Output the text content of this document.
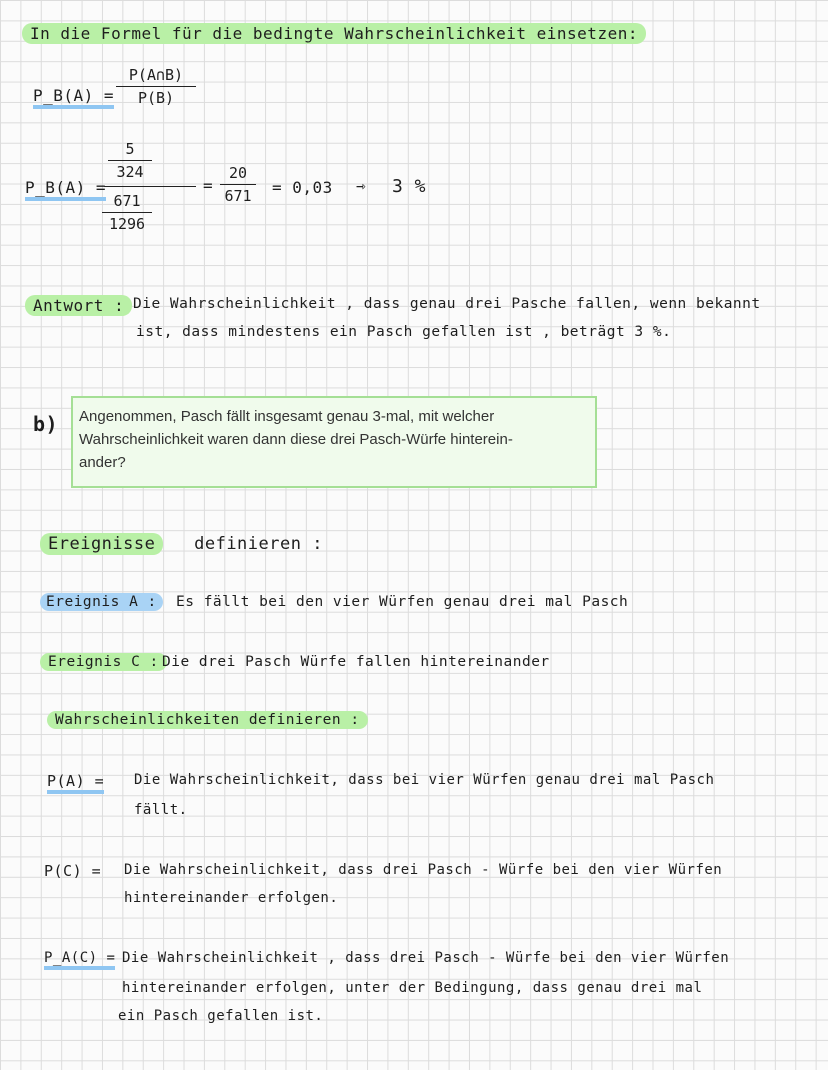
In die Formel für die bedingte Wahrscheinlichkeit einsetzen:
P_B(A) = $\frac{P(A\cap B)}{P(B)}$
P_B(A) =
$\frac{5}{324}$
$\frac{671}{1296}$
= $\frac{20}{671} = 0,03$ ⇾ 3 %
Antwort : Die Wahrscheinlichkeit , dass genau drei Pasche fallen, wenn bekannt
ist, dass mindestens ein Pasch gefallen ist , beträgt 3 %.
b) Angenommen, Pasch fällt insgesamt genau 3-mal, mit welcher
Wahrscheinlichkeit waren dann diese drei Pasch-Würfe hinterein-
ander?
Ereignisse definieren :
Ereignis A :	Es fällt bei den vier Würfen genau drei mal Pasch
Ereignis C : Die drei Pasch Würfe fallen hintereinander
Wahrscheinlichkeiten definieren :
P(A) = Die Wahrscheinlichkeit, dass bei vier Würfen genau drei mal Pasch
fällt.
P(C) = Die Wahrscheinlichkeit, dass drei Pasch - Würfe bei den vier Würfen
hintereinander erfolgen.
P_A(C) = Die Wahrscheinlichkeit , dass drei Pasch - Würfe bei den vier Würfen
hintereinander erfolgen, unter der Bedingung, dass genau drei mal
ein Pasch gefallen ist.
